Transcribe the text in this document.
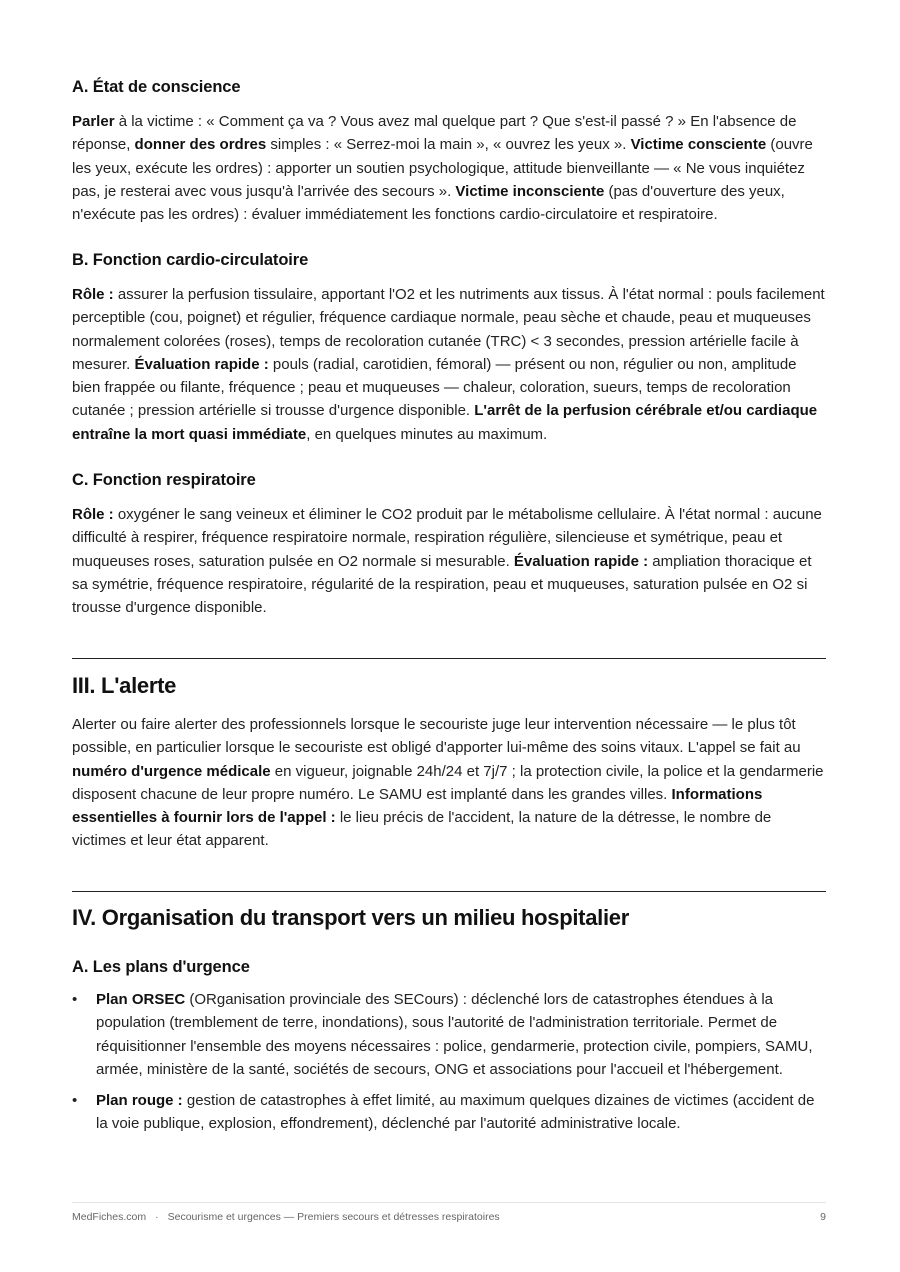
A. État de conscience

Parler à la victime : « Comment ça va ? Vous avez mal quelque part ? Que s'est-il passé ? » En l'absence de réponse, donner des ordres simples : « Serrez-moi la main », « ouvrez les yeux ». Victime consciente (ouvre les yeux, exécute les ordres) : apporter un soutien psychologique, attitude bienveillante — « Ne vous inquiétez pas, je resterai avec vous jusqu'à l'arrivée des secours ». Victime inconsciente (pas d'ouverture des yeux, n'exécute pas les ordres) : évaluer immédiatement les fonctions cardio-circulatoire et respiratoire.

B. Fonction cardio-circulatoire

Rôle : assurer la perfusion tissulaire, apportant l'O2 et les nutriments aux tissus. À l'état normal : pouls facilement perceptible (cou, poignet) et régulier, fréquence cardiaque normale, peau sèche et chaude, peau et muqueuses normalement colorées (roses), temps de recoloration cutanée (TRC) < 3 secondes, pression artérielle facile à mesurer. Évaluation rapide : pouls (radial, carotidien, fémoral) — présent ou non, régulier ou non, amplitude bien frappée ou filante, fréquence ; peau et muqueuses — chaleur, coloration, sueurs, temps de recoloration cutanée ; pression artérielle si trousse d'urgence disponible. L'arrêt de la perfusion cérébrale et/ou cardiaque entraîne la mort quasi immédiate, en quelques minutes au maximum.

C. Fonction respiratoire

Rôle : oxygéner le sang veineux et éliminer le CO2 produit par le métabolisme cellulaire. À l'état normal : aucune difficulté à respirer, fréquence respiratoire normale, respiration régulière, silencieuse et symétrique, peau et muqueuses roses, saturation pulsée en O2 normale si mesurable. Évaluation rapide : ampliation thoracique et sa symétrie, fréquence respiratoire, régularité de la respiration, peau et muqueuses, saturation pulsée en O2 si trousse d'urgence disponible.

III. L'alerte

Alerter ou faire alerter des professionnels lorsque le secouriste juge leur intervention nécessaire — le plus tôt possible, en particulier lorsque le secouriste est obligé d'apporter lui-même des soins vitaux. L'appel se fait au numéro d'urgence médicale en vigueur, joignable 24h/24 et 7j/7 ; la protection civile, la police et la gendarmerie disposent chacune de leur propre numéro. Le SAMU est implanté dans les grandes villes. Informations essentielles à fournir lors de l'appel : le lieu précis de l'accident, la nature de la détresse, le nombre de victimes et leur état apparent.

IV. Organisation du transport vers un milieu hospitalier
A. Les plans d'urgence
• Plan ORSEC (ORganisation provinciale des SECours) : déclenché lors de catastrophes étendues à la population (tremblement de terre, inondations), sous l'autorité de l'administration territoriale. Permet de réquisitionner l'ensemble des moyens nécessaires : police, gendarmerie, protection civile, pompiers, SAMU, armée, ministère de la santé, sociétés de secours, ONG et associations pour l'accueil et l'hébergement.
• Plan rouge : gestion de catastrophes à effet limité, au maximum quelques dizaines de victimes (accident de la voie publique, explosion, effondrement), déclenché par l'autorité administrative locale.
MedFiches.com · Secourisme et urgences — Premiers secours et détresses respiratoires	9
